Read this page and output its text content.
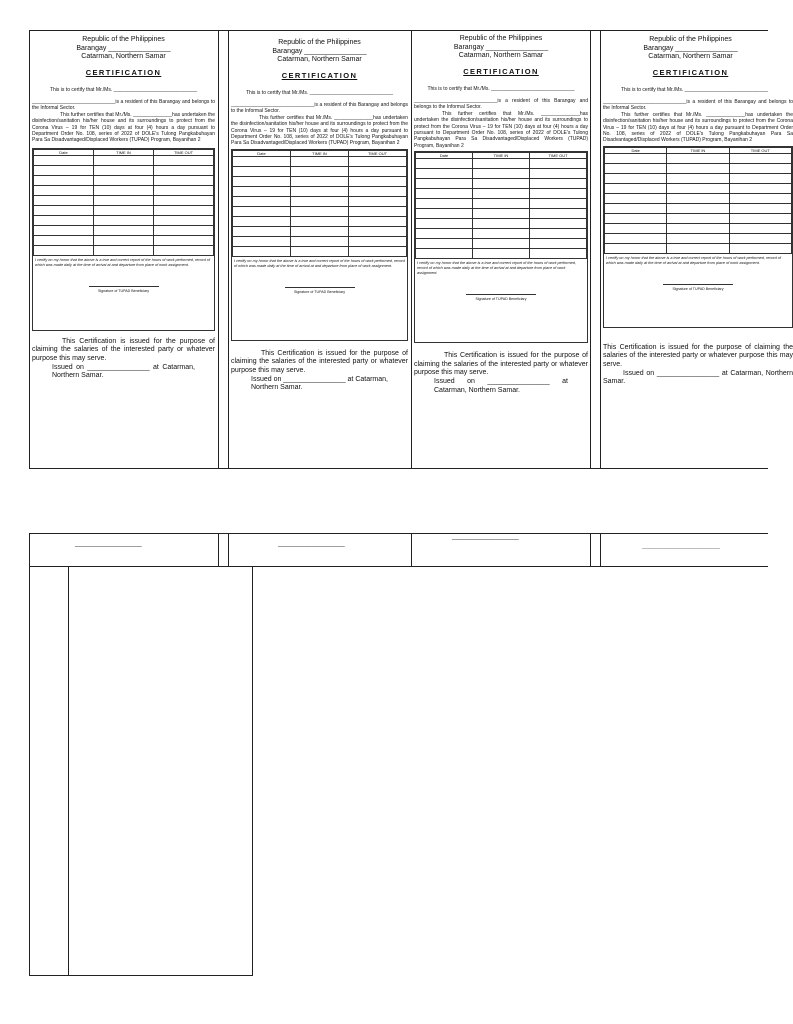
Republic of the Philippines
Barangay ________________
Catarman, Northern Samar
CERTIFICATION
This is to certify that Mr./Ms. ______________________________
______________________________is a resident of this Barangay and belongs to the Informal Sector.
This further certifies that Mr./Ms. ______________has undertaken the disinfection/sanitation his/her house and its surroundings to protect from the Corona Virus – 19 for TEN (10) days at four (4) hours a day pursuant to Department Order No. 108, series of 2022 of DOLE's Tulong Pangkabuhayan Para Sa Disadvantaged/Displaced Workers (TUPAD) Program, Bayanihan 2
Date	TIME IN	TIME OUT

I certify on my honor that the above is a true and correct report of the hours of work performed, record of which was made daily at the time of arrival at and departure from place of work assignment.
Signature of TUPAD Beneficiary
This Certification is issued for the purpose of claiming the salaries of the interested party or whatever purpose this may serve.
Issued on ________________ at Catarman, Northern Samar.
Republic of the Philippines
Barangay ________________
Catarman, Northern Samar
CERTIFICATION
This is to certify that Mr./Ms. ______________________________
______________________________is a resident of this Barangay and belongs to the Informal Sector.
This further certifies that Mr./Ms. ______________has undertaken the disinfection/sanitation his/her house and its surroundings to protect from the Corona Virus – 19 for TEN (10) days at four (4) hours a day pursuant to Department Order No. 108, series of 2022 of DOLE's Tulong Pangkabuhayan Para Sa Disadvantaged/Displaced Workers (TUPAD) Program, Bayanihan 2
Date	TIME IN	TIME OUT

I certify on my honor that the above is a true and correct report of the hours of work performed, record of which was made daily at the time of arrival at and departure from place of work assignment.
Signature of TUPAD Beneficiary
This Certification is issued for the purpose of claiming the salaries of the interested party or whatever purpose this may serve.
Issued on ________________ at Catarman, Northern Samar.
Republic of the Philippines
Barangay ________________
Catarman, Northern Samar
CERTIFICATION
This is to certify that Mr./Ms. ______________________________
______________________________is a resident of this Barangay and belongs to the Informal Sector.
This further certifies that Mr./Ms. ______________has undertaken the disinfection/sanitation his/her house and its surroundings to protect from the Corona Virus – 19 for TEN (10) days at four (4) hours a day pursuant to Department Order No. 108, series of 2022 of DOLE's Tulong Pangkabuhayan Para Sa Disadvantaged/Displaced Workers (TUPAD) Program, Bayanihan 2
Date	TIME IN	TIME OUT

I certify on my honor that the above is a true and correct report of the hours of work performed, record of which was made daily at the time of arrival at and departure from place of work assignment.
Signature of TUPAD Beneficiary
This Certification is issued for the purpose of claiming the salaries of the interested party or whatever purpose this may serve.
Issued on ________________ at Catarman, Northern Samar.
Republic of the Philippines
Barangay ________________
Catarman, Northern Samar
CERTIFICATION
This is to certify that Mr./Ms. ______________________________
______________________________is a resident of this Barangay and belongs to the Informal Sector.
This further certifies that Mr./Ms. ______________has undertaken the disinfection/sanitation his/her house and its surroundings to protect from the Corona Virus – 19 for TEN (10) days at four (4) hours a day pursuant to Department Order No. 108, series of 2022 of DOLE's Tulong Pangkabuhayan Para Sa Disadvantaged/Displaced Workers (TUPAD) Program, Bayanihan 2
Date	TIME IN	TIME OUT

I certify on my honor that the above is a true and correct report of the hours of work performed, record of which was made daily at the time of arrival at and departure from place of work assignment.
Signature of TUPAD Beneficiary
This Certification is issued for the purpose of claiming the salaries of the interested party or whatever purpose this may serve.
Issued on ________________ at Catarman, Northern Samar.
____________________	____________________
____________________
____________________
